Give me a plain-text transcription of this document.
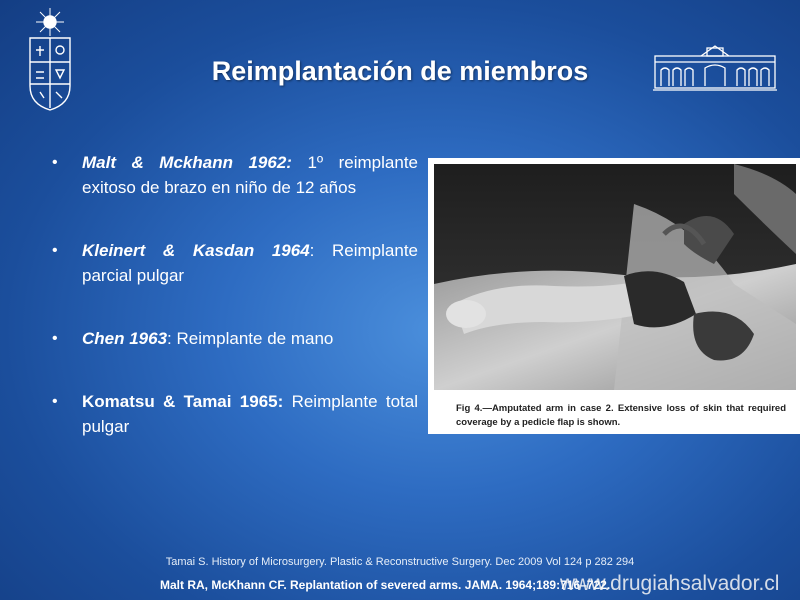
Reimplantación de miembros
• Malt & Mckhann 1962: 1º reimplante exitoso de brazo en niño de 12 años
• Kleinert & Kasdan 1964: Reimplante parcial pulgar
• Chen 1963: Reimplante de mano
• Komatsu & Tamai 1965: Reimplante total pulgar
Fig 4.—Amputated arm in case 2. Extensive loss of skin that required coverage by a pedicle flap is shown.
Tamai S. History of Microsurgery. Plastic & Reconstructive Surgery. Dec 2009 Vol 124 p 282 294
Malt RA, McKhann CF. Replantation of severed arms. JAMA. 1964;189:716–722.
www.drugiahsalvador.cl
